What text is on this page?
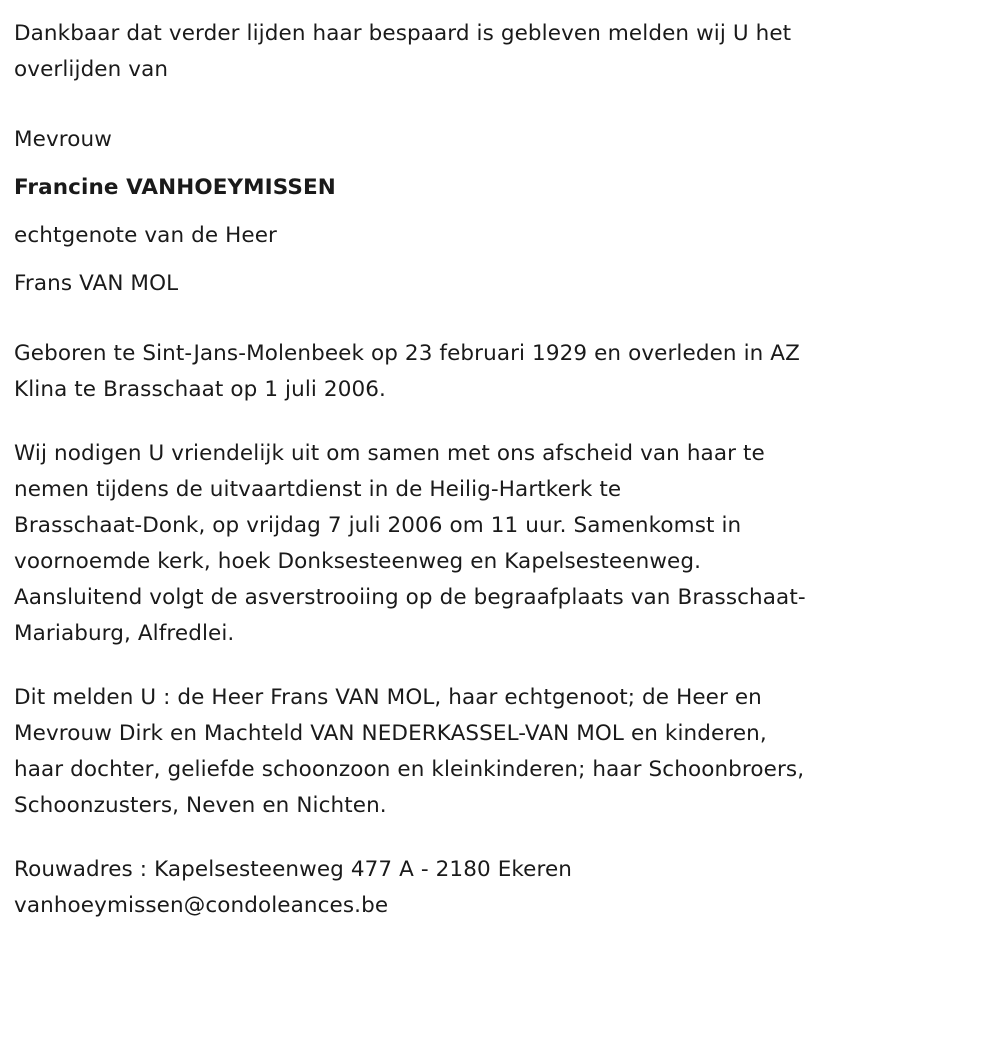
Dankbaar dat verder lijden haar bespaard is gebleven melden wij U het

overlijden van

Mevrouw

Francine VANHOEYMISSEN

echtgenote van de Heer

Frans VAN MOL

Geboren te Sint-Jans-Molenbeek op 23 februari 1929 en overleden in AZ

Klina te Brasschaat op 1 juli 2006.

Wij nodigen U vriendelijk uit om samen met ons afscheid van haar te

nemen tijdens de uitvaartdienst in de Heilig-Hartkerk te

Brasschaat-Donk, op vrijdag 7 juli 2006 om 11 uur. Samenkomst in

voornoemde kerk, hoek Donksesteenweg en Kapelsesteenweg.

Aansluitend volgt de asverstrooiing op de begraafplaats van Brasschaat-

Mariaburg, Alfredlei.

Dit melden U : de Heer Frans VAN MOL, haar echtgenoot; de Heer en

Mevrouw Dirk en Machteld VAN NEDERKASSEL-VAN MOL en kinderen,

haar dochter, geliefde schoonzoon en kleinkinderen; haar Schoonbroers,

Schoonzusters, Neven en Nichten.

Rouwadres : Kapelsesteenweg 477 A - 2180 Ekeren

vanhoeymissen@condoleances.be
